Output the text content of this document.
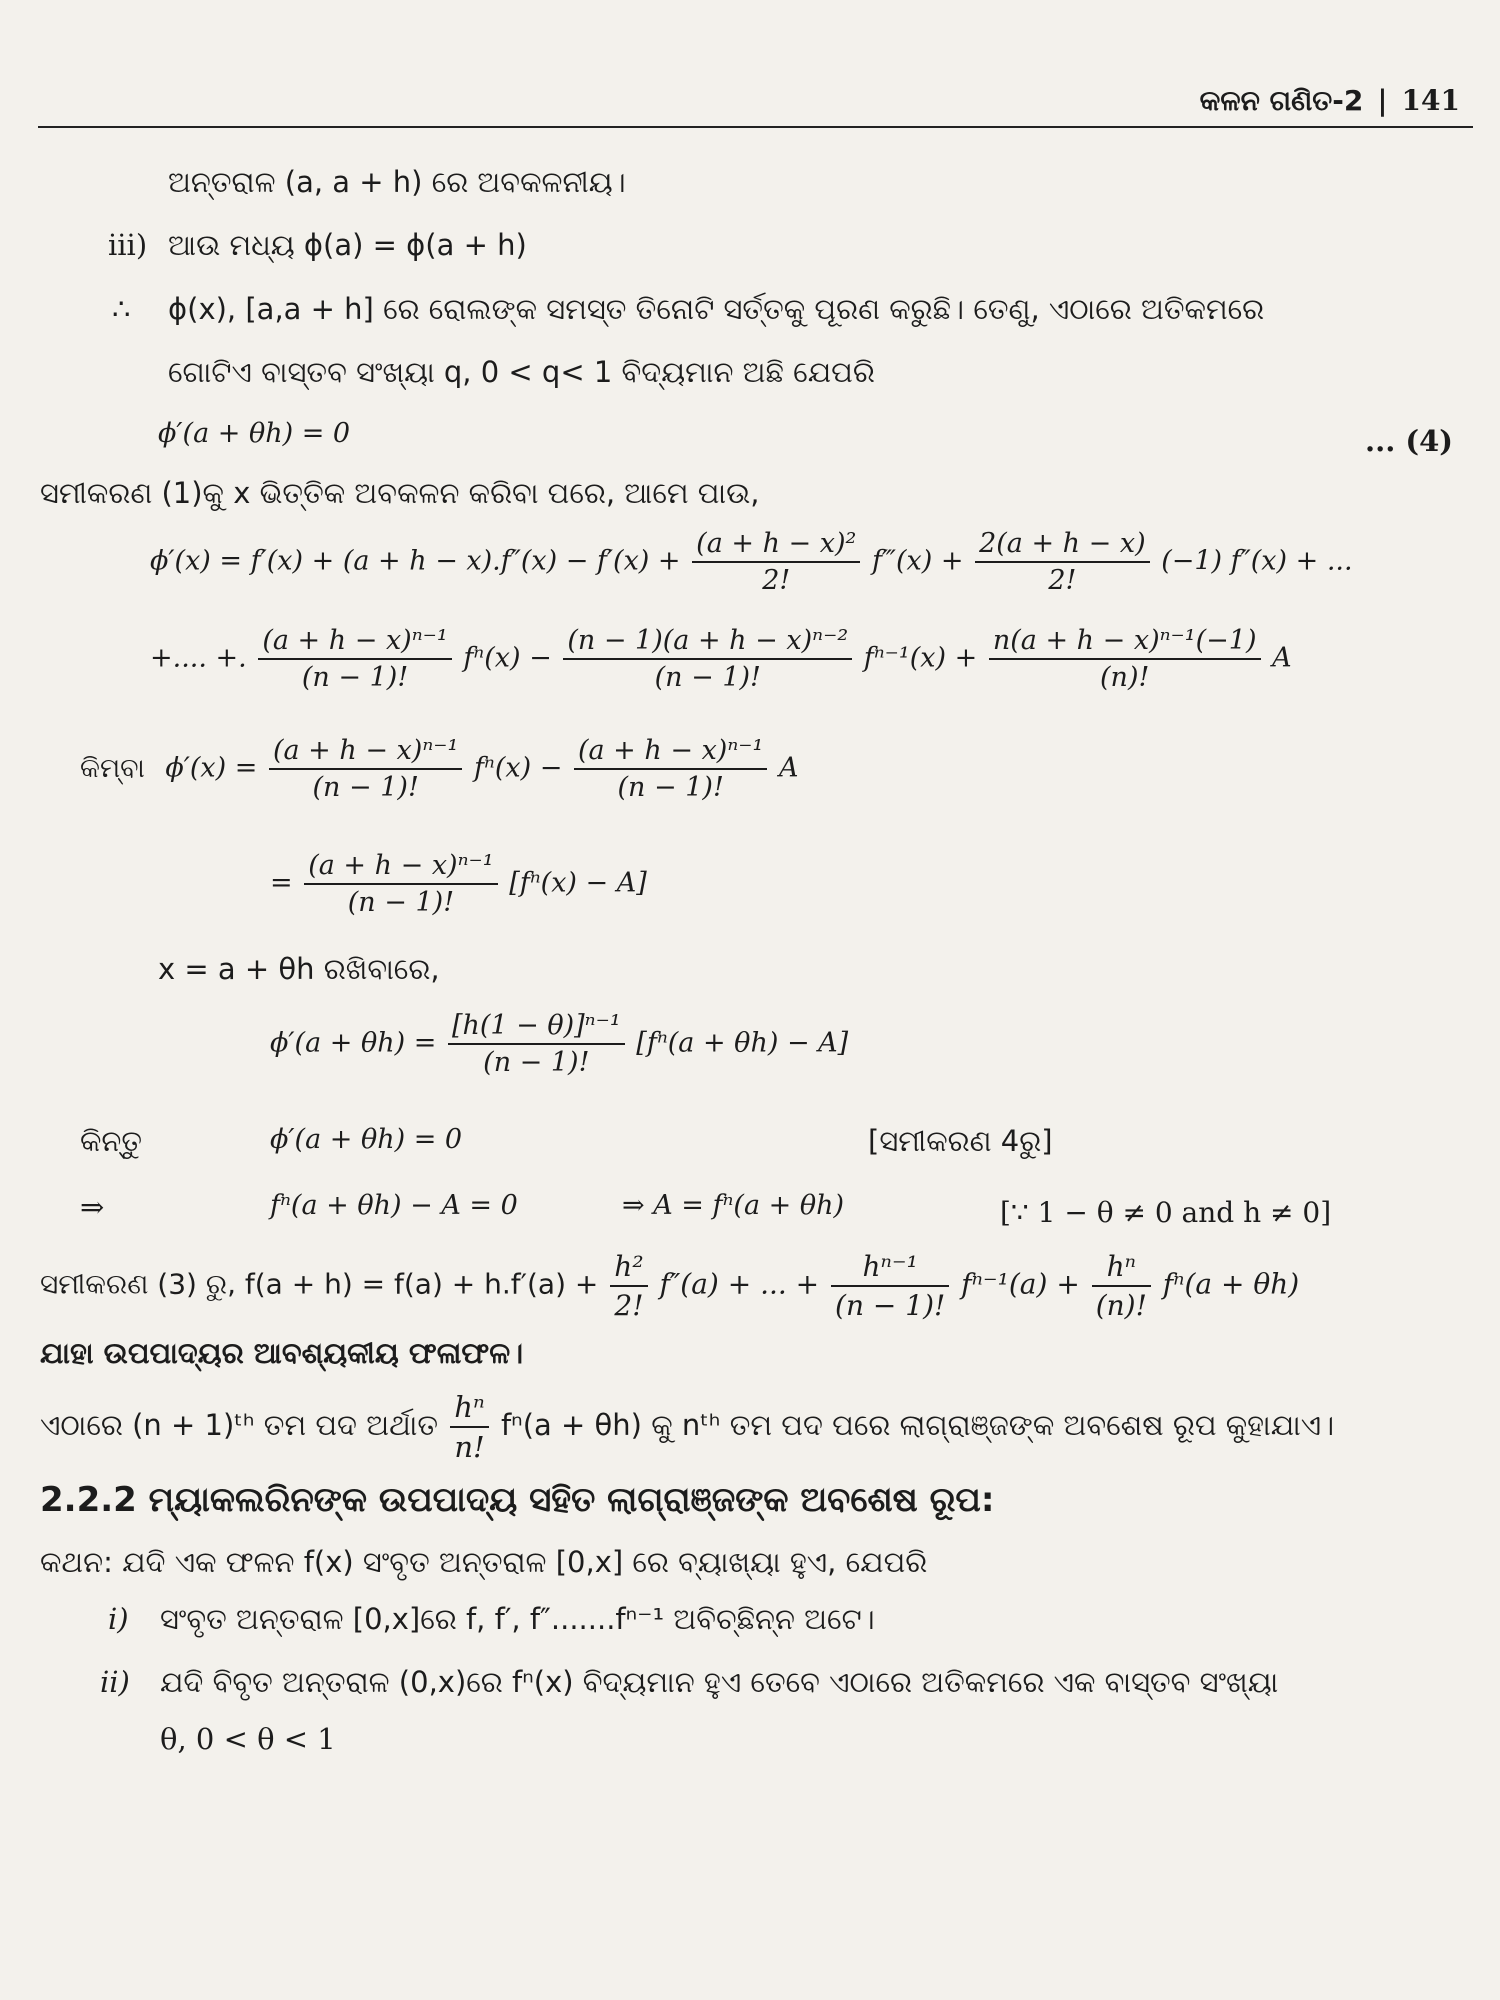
କଳନ ଗଣିତ-2 | 141
ଅନ୍ତରାଳ (a, a + h) ରେ ଅବକଳନୀୟ।
iii) ଆଉ ମଧ୍ୟ ϕ(a) = ϕ(a + h)
∴ ϕ(x), [a,a + h] ରେ ରୋଲଙ୍କ ସମସ୍ତ ତିନୋଟି ସର୍ତ୍ତକୁ ପୂରଣ କରୁଛି। ତେଣୁ, ଏଠାରେ ଅତିକମରେ
ଗୋଟିଏ ବାସ୍ତବ ସଂଖ୍ୟା q, 0 < q< 1 ବିଦ୍ୟମାନ ଅଛି ଯେପରି
ϕ′(a + θh) = 0	... (4)
ସମୀକରଣ (1)କୁ x ଭିତ୍ତିକ ଅବକଳନ କରିବା ପରେ, ଆମେ ପାଉ,
$\phi'(x) = f'(x) + (a + h - x).f''(x) - f'(x) + \frac{\text{(a + h − x)²}}{2!}$ f‴(x) + $\frac{2(a + h - x)}{2!} (-1) f''(x)$ + ...
+.... +. $\frac{\text{(a + h − x)ⁿ⁻¹}}{(n - 1)!} f^n(x) - \frac{\text{(n − 1)(a + h − x)ⁿ⁻²}}{(n - 1)!} f^{n-1}(x) + \frac{\text{n(a + h − x)ⁿ⁻¹(−1)}}{(n)!}$ A
କିମ୍ବା $\phi'(x) = \frac{\text{(a + h − x)ⁿ⁻¹}}{(n - 1)!} f^n(x) - \frac{\text{(a + h − x)ⁿ⁻¹}}{(n - 1)!}$ A
= $\frac{\text{(a + h − x)ⁿ⁻¹}}{(n - 1)!} [f^n(x) - A]$
x = a + θh ରଖିବାରେ,
$\phi'(a + \theta h) = \frac{\text{[h(1 − θ)]ⁿ⁻¹}}{(n - 1)!} [f^n(a + \theta h) - A]$
କିନ୍ତୁ	ϕ′(a + θh) = 0	[ସମୀକରଣ 4ରୁ]
⇒	fⁿ(a + θh) − A = 0	⇒ A = fⁿ(a + θh)	[∵ 1 − θ ≠ 0 and h ≠ 0]
ସମୀକରଣ (3) ରୁ, $f(a + h) = f(a) + h.f'(a) + \frac{\text{h²}}{2!} f''(a)$ + ... + $\frac{\text{hⁿ⁻¹}}{(n - 1)!} f^{n-1}(a) + \frac{\text{hⁿ}}{(n)!} f^n(a + \theta h)$
ଯାହା ଉପପାଦ୍ୟର ଆବଶ୍ୟକୀୟ ଫଳାଫଳ।
ଏଠାରେ (n + 1)ᵗʰ ତମ ପଦ ଅର୍ଥାତ $\frac{\text{hⁿ}}{n!} f^n(a + \theta h)$ କୁ nᵗʰ ତମ ପଦ ପରେ ଲାଗ୍ରାଞ୍ଜଙ୍କ ଅବଶେଷ ରୂପ କୁହାଯାଏ।
2.2.2 ମ୍ୟାକଲରିନଙ୍କ ଉପପାଦ୍ୟ ସହିତ ଲାଗ୍ରାଞ୍ଜଙ୍କ ଅବଶେଷ ରୂପ:
କଥନ: ଯଦି ଏକ ଫଳନ f(x) ସଂବୃତ ଅନ୍ତରାଳ [0,x] ରେ ବ୍ୟାଖ୍ୟା ହୁଏ, ଯେପରି
i) ସଂବୃତ ଅନ୍ତରାଳ [0,x]ରେ f, f′, f″.......fⁿ⁻¹ ଅବିଚ୍ଛିନ୍ନ ଅଟେ।
ii) ଯଦି ବିବୃତ ଅନ୍ତରାଳ (0,x)ରେ fⁿ(x) ବିଦ୍ୟମାନ ହୁଏ ତେବେ ଏଠାରେ ଅତିକମରେ ଏକ ବାସ୍ତବ ସଂଖ୍ୟା
θ, 0 < θ < 1
